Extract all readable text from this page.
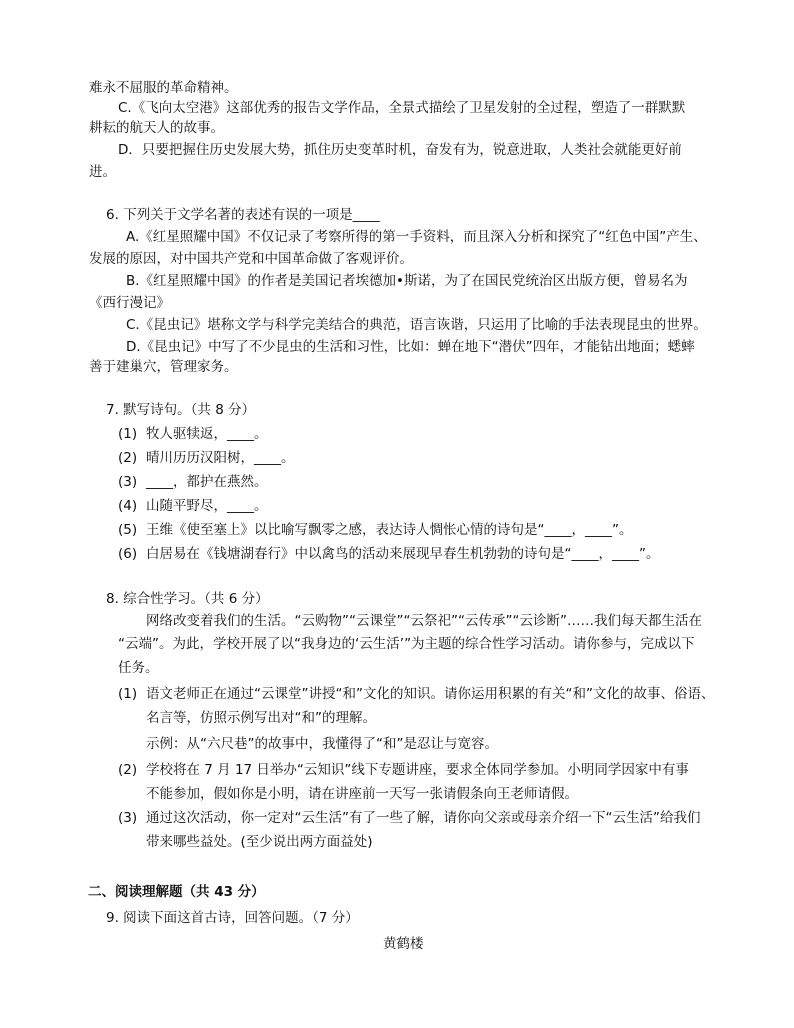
难永不屈服的革命精神。
C.《飞向太空港》这部优秀的报告文学作品，全景式描绘了卫星发射的全过程，塑造了一群默默
耕耘的航天人的故事。
D．只要把握住历史发展大势，抓住历史变革时机，奋发有为，锐意进取，人类社会就能更好前
进。
6. 下列关于文学名著的表述有误的一项是____
A.《红星照耀中国》不仅记录了考察所得的第一手资料，而且深入分析和探究了“红色中国”产生、
发展的原因，对中国共产党和中国革命做了客观评价。
B.《红星照耀中国》的作者是美国记者埃德加•斯诺，为了在国民党统治区出版方便，曾易名为
《西行漫记》
C.《昆虫记》堪称文学与科学完美结合的典范，语言诙谐，只运用了比喻的手法表现昆虫的世界。
D.《昆虫记》中写了不少昆虫的生活和习性，比如：蝉在地下“潜伏”四年，才能钻出地面；蟋蟀
善于建巢穴，管理家务。
7. 默写诗句。（共 8 分）
(1) 牧人驱犊返，____。
(2) 晴川历历汉阳树，____。
(3) ____，都护在燕然。
(4) 山随平野尽，____。
(5) 王维《使至塞上》以比喻写飘零之感，表达诗人惆怅心情的诗句是“____，____”。
(6) 白居易在《钱塘湖春行》中以禽鸟的活动来展现早春生机勃勃的诗句是“____，____”。
8. 综合性学习。（共 6 分）
网络改变着我们的生活。“云购物”“云课堂”“云祭祀”“云传承”“云诊断”……我们每天都生活在
“云端”。为此，学校开展了以“我身边的‘云生活’”为主题的综合性学习活动。请你参与，完成以下
任务。
(1) 语文老师正在通过“云课堂”讲授“和”文化的知识。请你运用积累的有关“和”文化的故事、俗语、
名言等，仿照示例写出对“和”的理解。
示例：从“六尺巷”的故事中，我懂得了“和”是忍让与宽容。
(2) 学校将在 7 月 17 日举办“云知识”线下专题讲座，要求全体同学参加。小明同学因家中有事
不能参加，假如你是小明，请在讲座前一天写一张请假条向王老师请假。
(3) 通过这次活动，你一定对“云生活”有了一些了解，请你向父亲或母亲介绍一下“云生活”给我们
带来哪些益处。(至少说出两方面益处)
二、阅读理解题（共 43 分）
9. 阅读下面这首古诗，回答问题。（7 分）
黄鹤楼
